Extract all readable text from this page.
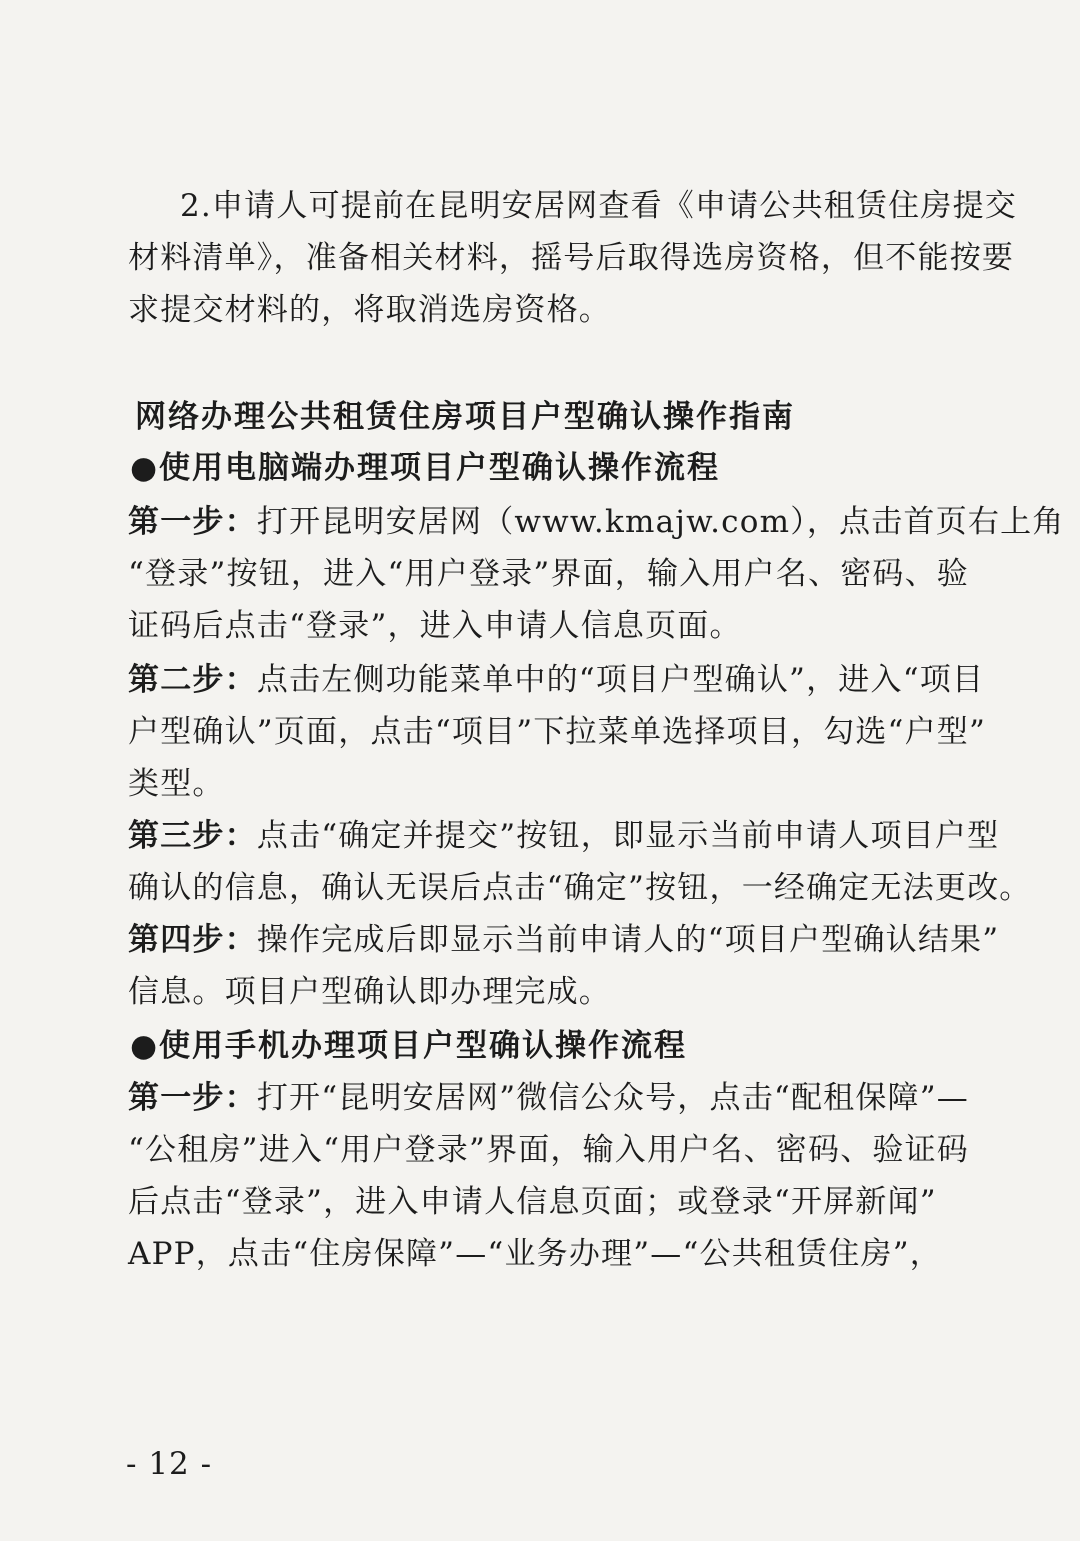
2.申请人可提前在昆明安居网查看《申请公共租赁住房提交
材料清单》，准备相关材料，摇号后取得选房资格，但不能按要
求提交材料的，将取消选房资格。
网络办理公共租赁住房项目户型确认操作指南
●使用电脑端办理项目户型确认操作流程
第一步：打开昆明安居网（www.kmajw.com），点击首页右上角
“登录”按钮，进入“用户登录”界面，输入用户名、密码、验
证码后点击“登录”，进入申请人信息页面。
第二步：点击左侧功能菜单中的“项目户型确认”，进入“项目
户型确认”页面，点击“项目”下拉菜单选择项目，勾选“户型”
类型。
第三步：点击“确定并提交”按钮，即显示当前申请人项目户型
确认的信息，确认无误后点击“确定”按钮，一经确定无法更改。
第四步：操作完成后即显示当前申请人的“项目户型确认结果”
信息。项目户型确认即办理完成。
●使用手机办理项目户型确认操作流程
第一步：打开“昆明安居网”微信公众号，点击“配租保障”—
“公租房”进入“用户登录”界面，输入用户名、密码、验证码
后点击“登录”，进入申请人信息页面；或登录“开屏新闻”
APP，点击“住房保障”—“业务办理”—“公共租赁住房”，
- 12 -
